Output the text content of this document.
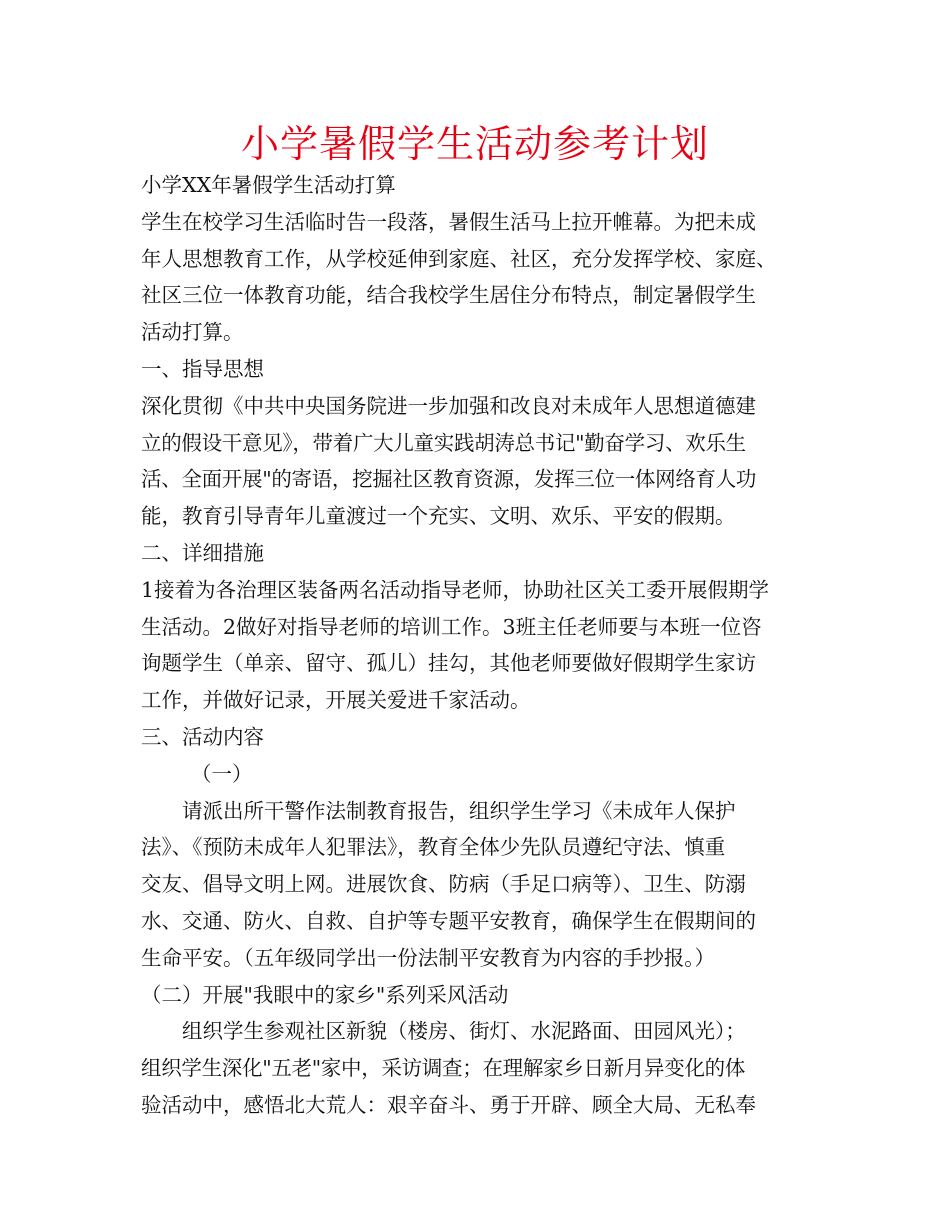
小学暑假学生活动参考计划
小学XX年暑假学生活动打算
学生在校学习生活临时告一段落，暑假生活马上拉开帷幕。为把未成
年人思想教育工作，从学校延伸到家庭、社区，充分发挥学校、家庭、
社区三位一体教育功能，结合我校学生居住分布特点，制定暑假学生
活动打算。
一、指导思想
深化贯彻《中共中央国务院进一步加强和改良对未成年人思想道德建
立的假设干意见》，带着广大儿童实践胡涛总书记"勤奋学习、欢乐生
活、全面开展"的寄语，挖掘社区教育资源，发挥三位一体网络育人功
能，教育引导青年儿童渡过一个充实、文明、欢乐、平安的假期。
二、详细措施
1接着为各治理区装备两名活动指导老师，协助社区关工委开展假期学
生活动。2做好对指导老师的培训工作。3班主任老师要与本班一位咨
询题学生（单亲、留守、孤儿）挂勾，其他老师要做好假期学生家访
工作，并做好记录，开展关爱进千家活动。
三、活动内容
（一）
请派出所干警作法制教育报告，组织学生学习《未成年人保护
法》、《预防未成年人犯罪法》，教育全体少先队员遵纪守法、慎重
交友、倡导文明上网。进展饮食、防病（手足口病等）、卫生、防溺
水、交通、防火、自救、自护等专题平安教育，确保学生在假期间的
生命平安。（五年级同学出一份法制平安教育为内容的手抄报。）
（二）开展"我眼中的家乡"系列采风活动
组织学生参观社区新貌（楼房、街灯、水泥路面、田园风光）；
组织学生深化"五老"家中，采访调查；在理解家乡日新月异变化的体
验活动中，感悟北大荒人：艰辛奋斗、勇于开辟、顾全大局、无私奉
